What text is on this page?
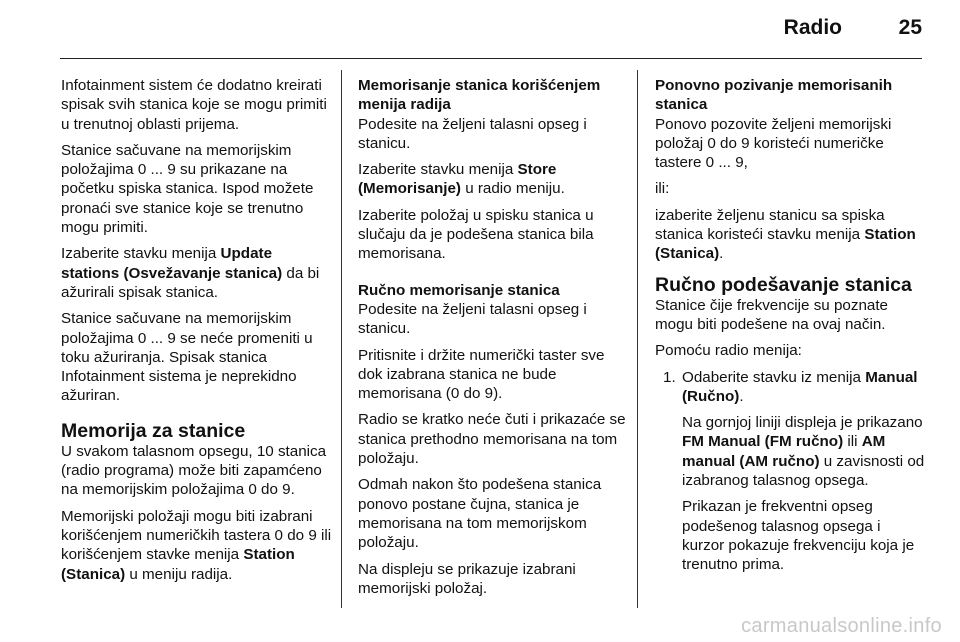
Radio	25

Infotainment sistem će dodatno kreirati spisak svih stanica koje se mogu primiti u trenutnoj oblasti prijema.

Stanice sačuvane na memorijskim položajima 0 ... 9 su prikazane na početku spiska stanica. Ispod možete pronaći sve stanice koje se trenutno mogu primiti.

Izaberite stavku menija Update stations (Osvežavanje stanica) da bi ažurirali spisak stanica.

Stanice sačuvane na memorijskim položajima 0 ... 9 se neće promeniti u toku ažuriranja. Spisak stanica Infotainment sistema je neprekidno ažuriran.

Memorija za stanice

U svakom talasnom opsegu, 10 stanica (radio programa) može biti zapamćeno na memorijskim položajima 0 do 9.

Memorijski položaji mogu biti izabrani korišćenjem numeričkih tastera 0 do 9 ili korišćenjem stavke menija Station (Stanica) u meniju radija.

Memorisanje stanica korišćenjem menija radija

Podesite na željeni talasni opseg i stanicu.

Izaberite stavku menija Store (Memorisanje) u radio meniju.

Izaberite položaj u spisku stanica u slučaju da je podešena stanica bila memorisana.

Ručno memorisanje stanica

Podesite na željeni talasni opseg i stanicu.

Pritisnite i držite numerički taster sve dok izabrana stanica ne bude memorisana (0 do 9).

Radio se kratko neće čuti i prikazaće se stanica prethodno memorisana na tom položaju.

Odmah nakon što podešena stanica ponovo postane čujna, stanica je memorisana na tom memorijskom položaju.

Na displeju se prikazuje izabrani memorijski položaj.

Ponovno pozivanje memorisanih stanica

Ponovo pozovite željeni memorijski položaj 0 do 9 koristeći numeričke tastere 0 ... 9,

ili:

izaberite željenu stanicu sa spiska stanica koristeći stavku menija Station (Stanica).

Ručno podešavanje stanica

Stanice čije frekvencije su poznate mogu biti podešene na ovaj način.

Pomoću radio menija:

1. Odaberite stavku iz menija Manual (Ručno).

Na gornjoj liniji displeja je prikazano FM Manual (FM ručno) ili AM manual (AM ručno) u zavisnosti od izabranog talasnog opsega.

Prikazan je frekventni opseg podešenog talasnog opsega i kurzor pokazuje frekvenciju koja je trenutno prima.

carmanualsonline.info
